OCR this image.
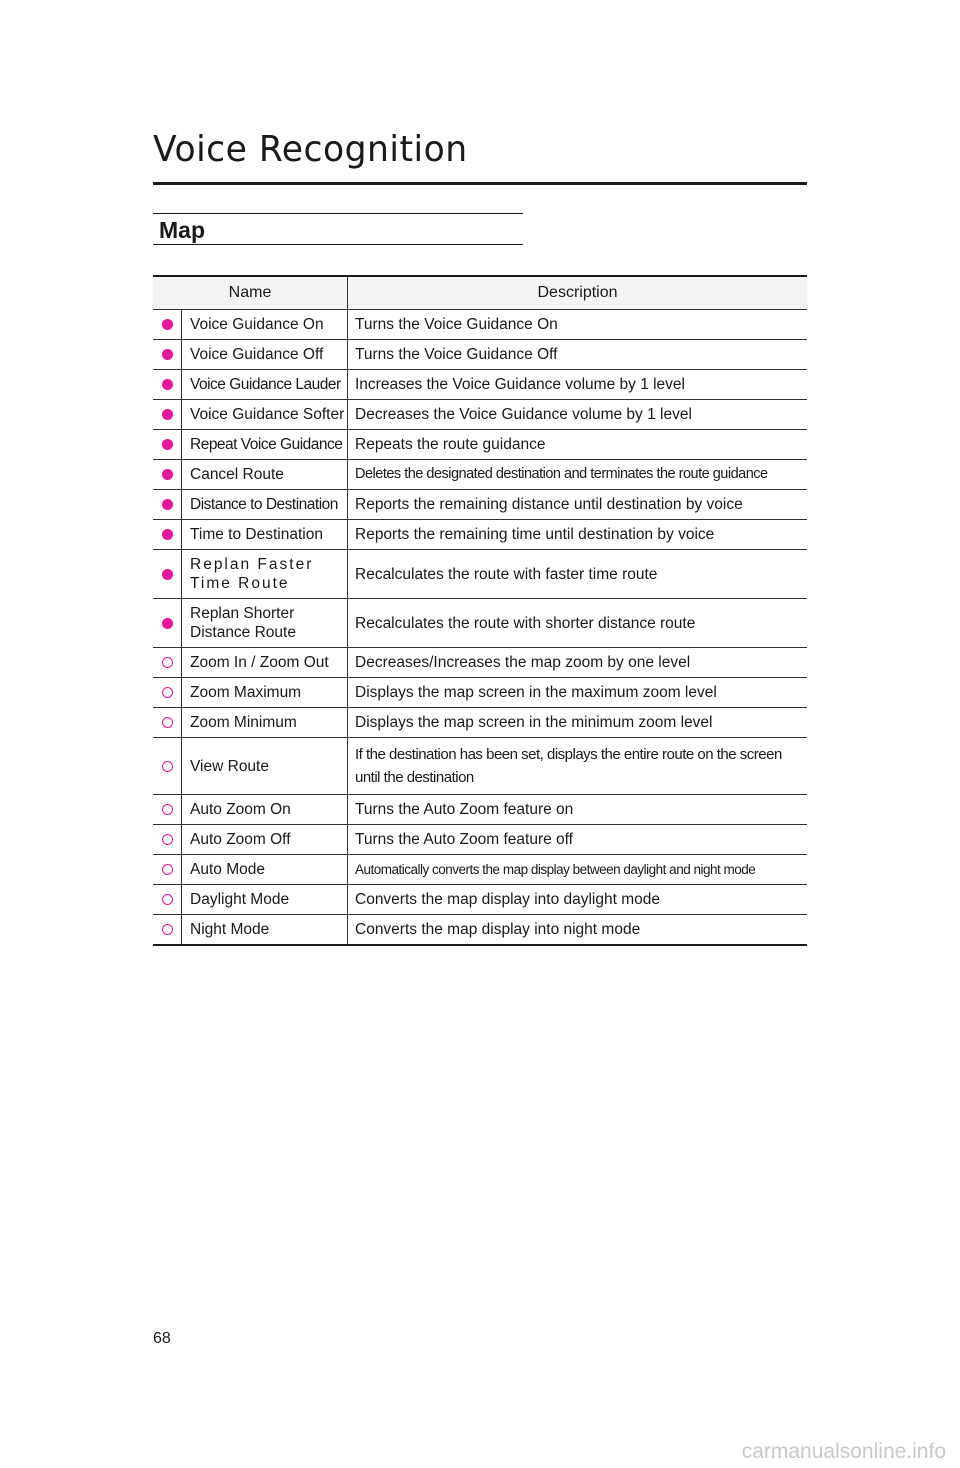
Voice Recognition
Map
Name		Description
	Voice Guidance On	Turns the Voice Guidance On
	Voice Guidance Off	Turns the Voice Guidance Off
	Voice Guidance Lauder	Increases the Voice Guidance volume by 1 level
	Voice Guidance Softer	Decreases the Voice Guidance volume by 1 level
	Repeat Voice Guidance	Repeats the route guidance
	Cancel Route	Deletes the designated destination and terminates the route guidance
	Distance to Destination	Reports the remaining distance until destination by voice
	Time to Destination	Reports the remaining time until destination by voice
	Replan Faster Time Route	Recalculates the route with faster time route
	Replan Shorter Distance Route	Recalculates the route with shorter distance route
	Zoom In / Zoom Out	Decreases/Increases the map zoom by one level
	Zoom Maximum	Displays the map screen in the maximum zoom level
	Zoom Minimum	Displays the map screen in the minimum zoom level
	View Route	If the destination has been set, displays the entire route on the screen until the destination
	Auto Zoom On	Turns the Auto Zoom feature on
	Auto Zoom Off	Turns the Auto Zoom feature off
	Auto Mode	Automatically converts the map display between daylight and night mode
	Daylight Mode	Converts the map display into daylight mode
	Night Mode	Converts the map display into night mode
68
carmanualsonline.info
